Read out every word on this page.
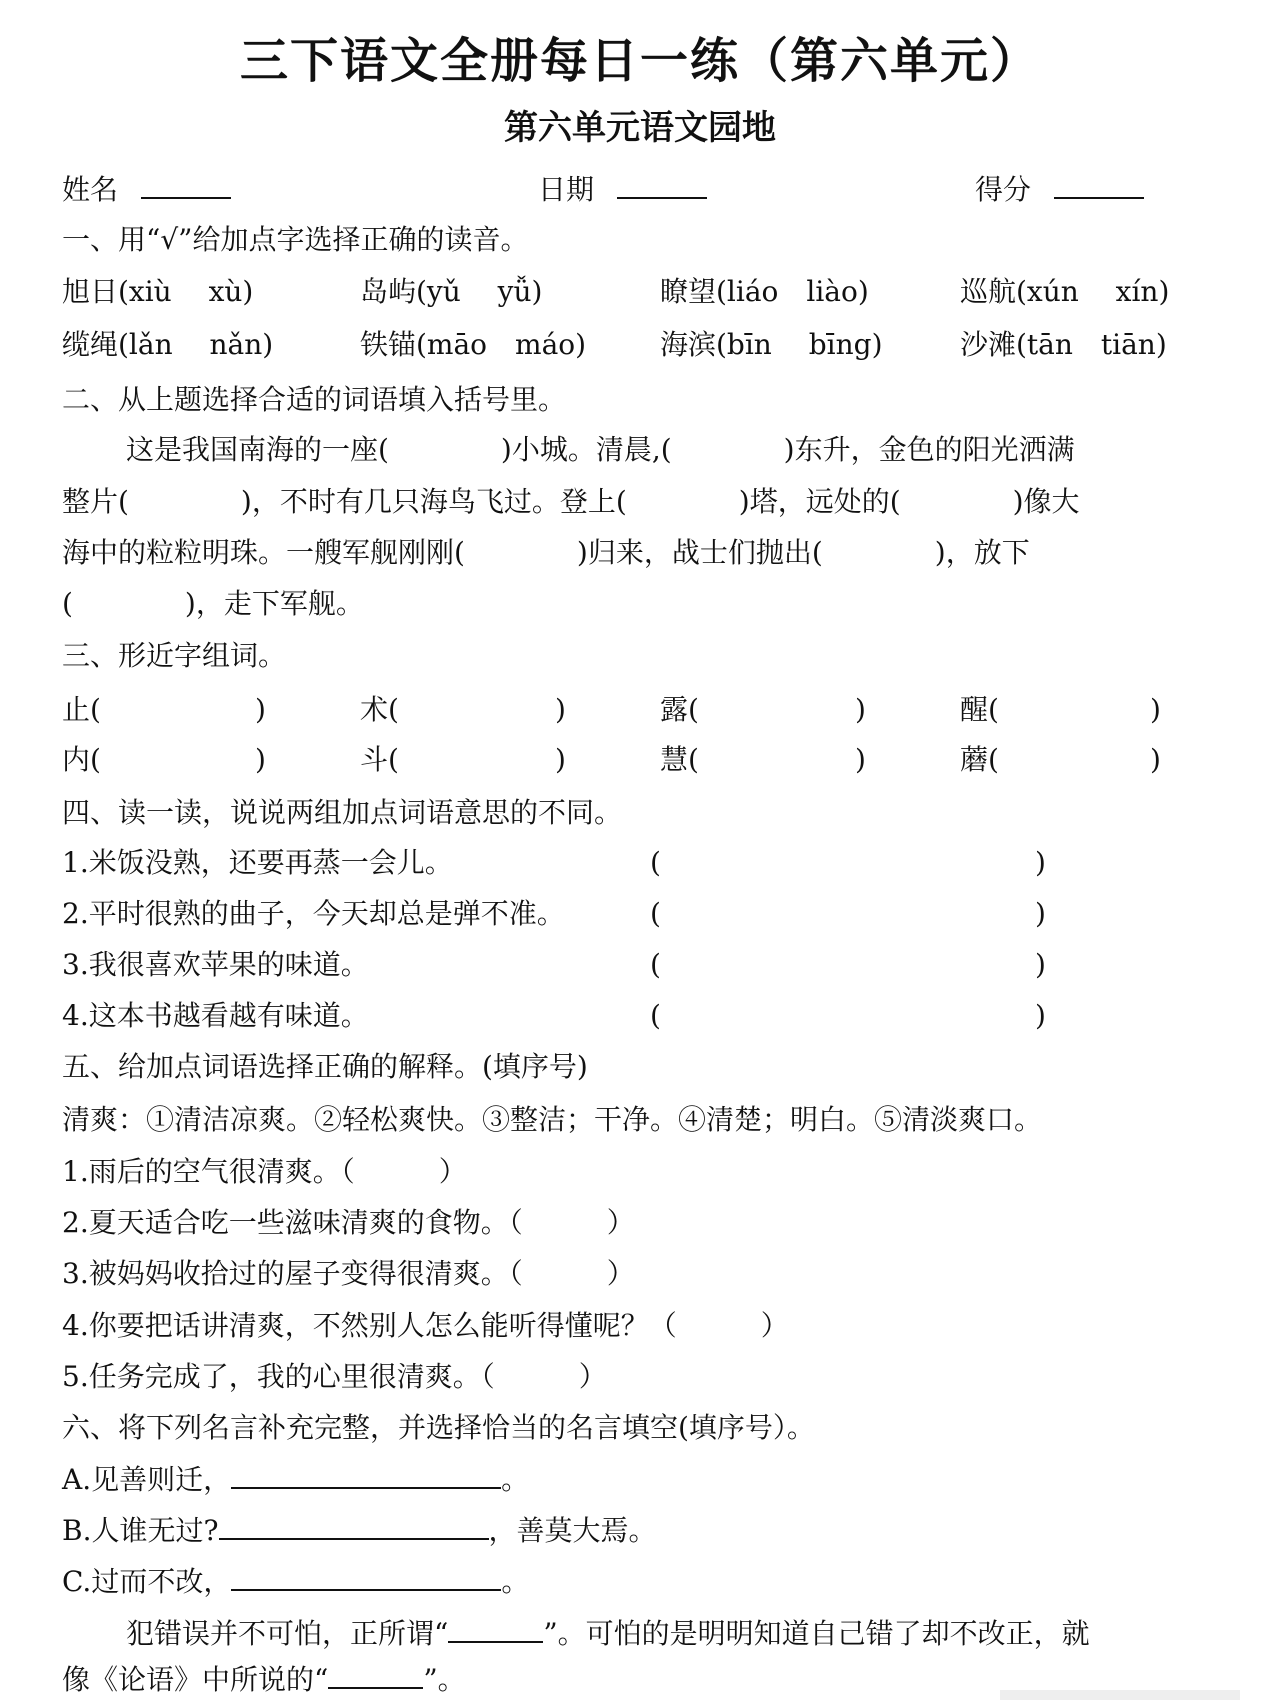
三下语文全册每日一练（第六单元）
第六单元语文园地
姓名	日期	得分
一、用“√”给加点字选择正确的读音。
旭日(xiù　 xù)	岛屿(yǔ　 yǚ)	瞭望(liáo　liào)	巡航(xún　 xín)
缆绳(lǎn　 nǎn)	铁锚(māo　máo)	海滨(bīn　 bīng)	沙滩(tān　tiān)
二、从上题选择合适的词语填入括号里。
这是我国南海的一座(　　　　)小城。清晨,(　　　　)东升，金色的阳光洒满
整片(　　　　)，不时有几只海鸟飞过。登上(　　　　)塔，远处的(　　　　)像大
海中的粒粒明珠。一艘军舰刚刚(　　　　)归来，战士们抛出(　　　　)，放下
(　　　　)，走下军舰。
三、形近字组词。
止(	)	术(	)	露(	)	醒(	)
内(	)	斗(	)	慧(	)	蘑(	)
四、读一读，说说两组加点词语意思的不同。
1.米饭没熟，还要再蒸一会儿。	(	)
2.平时很熟的曲子，今天却总是弹不准。	(	)
3.我很喜欢苹果的味道。	(	)
4.这本书越看越有味道。	(	)
五、给加点词语选择正确的解释。(填序号)
清爽：①清洁凉爽。②轻松爽快。③整洁；干净。④清楚；明白。⑤清淡爽口。
1.雨后的空气很清爽。（　　　）
2.夏天适合吃一些滋味清爽的食物。（　　　）
3.被妈妈收拾过的屋子变得很清爽。（　　　）
4.你要把话讲清爽，不然别人怎么能听得懂呢？（　　　）
5.任务完成了，我的心里很清爽。（　　　）
六、将下列名言补充完整，并选择恰当的名言填空(填序号）。
A.见善则迁，	。
B.人谁无过?	，善莫大焉。
C.过而不改，	。
犯错误并不可怕，正所谓“	”。可怕的是明明知道自己错了却不改正，就
像《论语》中所说的“	”。
